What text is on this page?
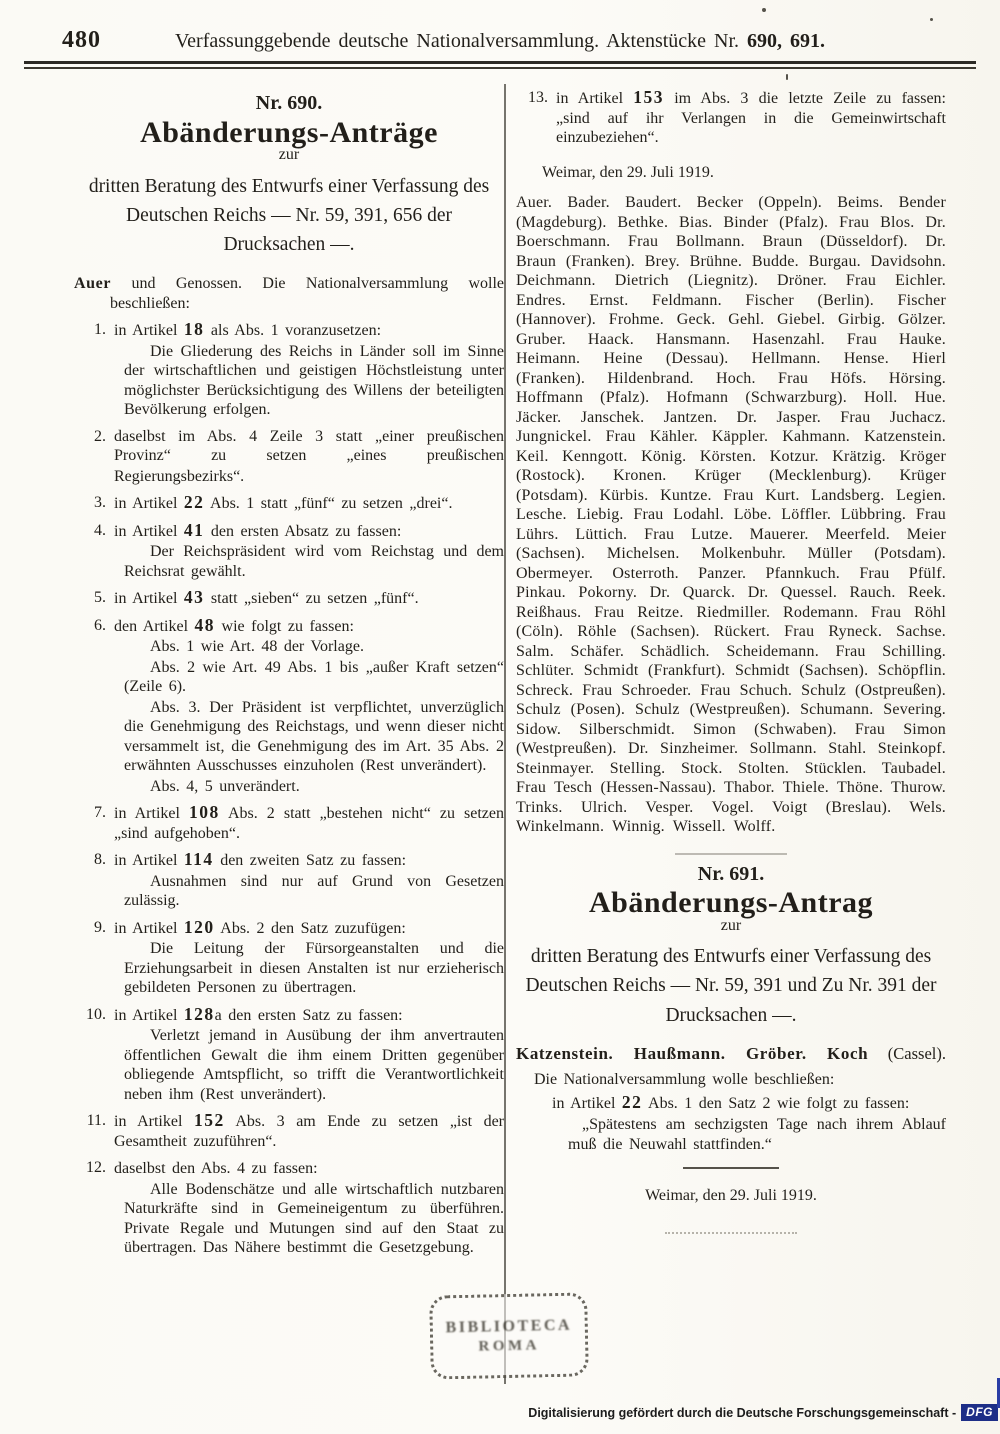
480	Verfassunggebende deutsche Nationalversammlung. Aktenstücke Nr. 690, 691.
Nr. 690.
Abänderungs-Anträge
zur
dritten Beratung des Entwurfs einer Verfassung des Deutschen Reichs — Nr. 59, 391, 656 der Drucksachen —.

Auer und Genossen. Die Nationalversammlung wolle beschließen:

1. in Artikel 18 als Abs. 1 voranzusetzen:

Die Gliederung des Reichs in Länder soll im Sinne der wirtschaftlichen und geistigen Höchstleistung unter möglichster Berücksichtigung des Willens der beteiligten Bevölkerung erfolgen.

2. daselbst im Abs. 4 Zeile 3 statt „einer preußischen Provinz“ zu setzen „eines preußischen Regierungsbezirks“.

3. in Artikel 22 Abs. 1 statt „fünf“ zu setzen „drei“.

4. in Artikel 41 den ersten Absatz zu fassen:

Der Reichspräsident wird vom Reichstag und dem Reichsrat gewählt.

5. in Artikel 43 statt „sieben“ zu setzen „fünf“.

6. den Artikel 48 wie folgt zu fassen:

Abs. 1 wie Art. 48 der Vorlage.

Abs. 2 wie Art. 49 Abs. 1 bis „außer Kraft setzen“ (Zeile 6).

Abs. 3. Der Präsident ist verpflichtet, unverzüglich die Genehmigung des Reichstags, und wenn dieser nicht versammelt ist, die Genehmigung des im Art. 35 Abs. 2 erwähnten Ausschusses einzuholen (Rest unverändert).

Abs. 4, 5 unverändert.

7. in Artikel 108 Abs. 2 statt „bestehen nicht“ zu setzen „sind aufgehoben“.

8. in Artikel 114 den zweiten Satz zu fassen:

Ausnahmen sind nur auf Grund von Gesetzen zulässig.

9. in Artikel 120 Abs. 2 den Satz zuzufügen:

Die Leitung der Fürsorgeanstalten und die Erziehungsarbeit in diesen Anstalten ist nur erzieherisch gebildeten Personen zu übertragen.

10. in Artikel 128a den ersten Satz zu fassen:

Verletzt jemand in Ausübung der ihm anvertrauten öffentlichen Gewalt die ihm einem Dritten gegenüber obliegende Amtspflicht, so trifft die Verantwortlichkeit neben ihm (Rest unverändert).

11. in Artikel 152 Abs. 3 am Ende zu setzen „ist der Gesamtheit zuzuführen“.

12. daselbst den Abs. 4 zu fassen:

Alle Bodenschätze und alle wirtschaftlich nutzbaren Naturkräfte sind in Gemeineigentum zu überführen. Private Regale und Mutungen sind auf den Staat zu übertragen. Das Nähere bestimmt die Gesetzgebung.

13. in Artikel 153 im Abs. 3 die letzte Zeile zu fassen: „sind auf ihr Verlangen in die Gemeinwirtschaft einzubeziehen“.

Weimar, den 29. Juli 1919.

Auer. Bader. Baudert. Becker (Oppeln). Beims. Bender (Magdeburg). Bethke. Bias. Binder (Pfalz). Frau Blos. Dr. Boerschmann. Frau Bollmann. Braun (Düsseldorf). Dr. Braun (Franken). Brey. Brühne. Budde. Burgau. Davidsohn. Deichmann. Dietrich (Liegnitz). Dröner. Frau Eichler. Endres. Ernst. Feldmann. Fischer (Berlin). Fischer (Hannover). Frohme. Geck. Gehl. Giebel. Girbig. Gölzer. Gruber. Haack. Hansmann. Hasenzahl. Frau Hauke. Heimann. Heine (Dessau). Hellmann. Hense. Hierl (Franken). Hildenbrand. Hoch. Frau Höfs. Hörsing. Hoffmann (Pfalz). Hofmann (Schwarzburg). Holl. Hue. Jäcker. Janschek. Jantzen. Dr. Jasper. Frau Juchacz. Jungnickel. Frau Kähler. Käppler. Kahmann. Katzenstein. Keil. Kenngott. König. Körsten. Kotzur. Krätzig. Kröger (Rostock). Kronen. Krüger (Mecklenburg). Krüger (Potsdam). Kürbis. Kuntze. Frau Kurt. Landsberg. Legien. Lesche. Liebig. Frau Lodahl. Löbe. Löffler. Lübbring. Frau Lührs. Lüttich. Frau Lutze. Mauerer. Meerfeld. Meier (Sachsen). Michelsen. Molkenbuhr. Müller (Potsdam). Obermeyer. Osterroth. Panzer. Pfannkuch. Frau Pfülf. Pinkau. Pokorny. Dr. Quarck. Dr. Quessel. Rauch. Reek. Reißhaus. Frau Reitze. Riedmiller. Rodemann. Frau Röhl (Cöln). Röhle (Sachsen). Rückert. Frau Ryneck. Sachse. Salm. Schäfer. Schädlich. Scheidemann. Frau Schilling. Schlüter. Schmidt (Frankfurt). Schmidt (Sachsen). Schöpflin. Schreck. Frau Schroeder. Frau Schuch. Schulz (Ostpreußen). Schulz (Posen). Schulz (Westpreußen). Schumann. Severing. Sidow. Silberschmidt. Simon (Schwaben). Frau Simon (Westpreußen). Dr. Sinzheimer. Sollmann. Stahl. Steinkopf. Steinmayer. Stelling. Stock. Stolten. Stücklen. Taubadel. Frau Tesch (Hessen-Nassau). Thabor. Thiele. Thöne. Thurow. Trinks. Ulrich. Vesper. Vogel. Voigt (Breslau). Wels. Winkelmann. Winnig. Wissell. Wolff.

Nr. 691.
Abänderungs-Antrag
zur
dritten Beratung des Entwurfs einer Verfassung des Deutschen Reichs — Nr. 59, 391 und Zu Nr. 391 der Drucksachen —.

Katzenstein. Haußmann. Gröber. Koch (Cassel).

Die Nationalversammlung wolle beschließen:

in Artikel 22 Abs. 1 den Satz 2 wie folgt zu fassen:

„Spätestens am sechzigsten Tage nach ihrem Ablauf muß die Neuwahl stattfinden.“

Weimar, den 29. Juli 1919.

BIBLIOTECA
ROMA
Digitalisierung gefördert durch die Deutsche Forschungsgemeinschaft - DFG
